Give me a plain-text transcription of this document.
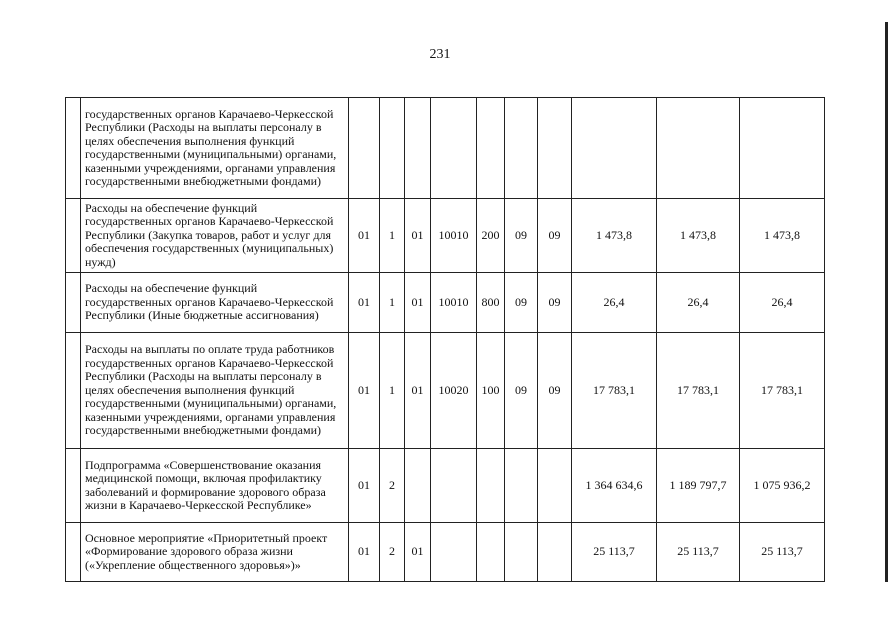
231
	государственных органов Карачаево-Черкесской Республики (Расходы на выплаты персоналу в целях обеспечения выполнения функций государственными (муниципальными) органами, казенными учреждениями, органами управления государственными внебюджетными фондами)										
	Расходы на обеспечение функций государственных органов Карачаево-Черкесской Республики (Закупка товаров, работ и услуг для обеспечения государственных (муниципальных) нужд)	01	1	01	10010	200	09	09	1 473,8	1 473,8	1 473,8
	Расходы на обеспечение функций государственных органов Карачаево-Черкесской Республики (Иные бюджетные ассигнования)	01	1	01	10010	800	09	09	26,4	26,4	26,4
	Расходы на выплаты по оплате труда работников государственных органов Карачаево-Черкесской Республики (Расходы на выплаты персоналу в целях обеспечения выполнения функций государственными (муниципальными) органами, казенными учреждениями, органами управления государственными внебюджетными фондами)	01	1	01	10020	100	09	09	17 783,1	17 783,1	17 783,1
	Подпрограмма «Совершенствование оказания медицинской помощи, включая профилактику заболеваний и формирование здорового образа жизни в Карачаево-Черкесской Республике»	01	2						1 364 634,6	1 189 797,7	1 075 936,2
	Основное мероприятие «Приоритетный проект «Формирование здорового образа жизни («Укрепление общественного здоровья»)»	01	2	01					25 113,7	25 113,7	25 113,7
